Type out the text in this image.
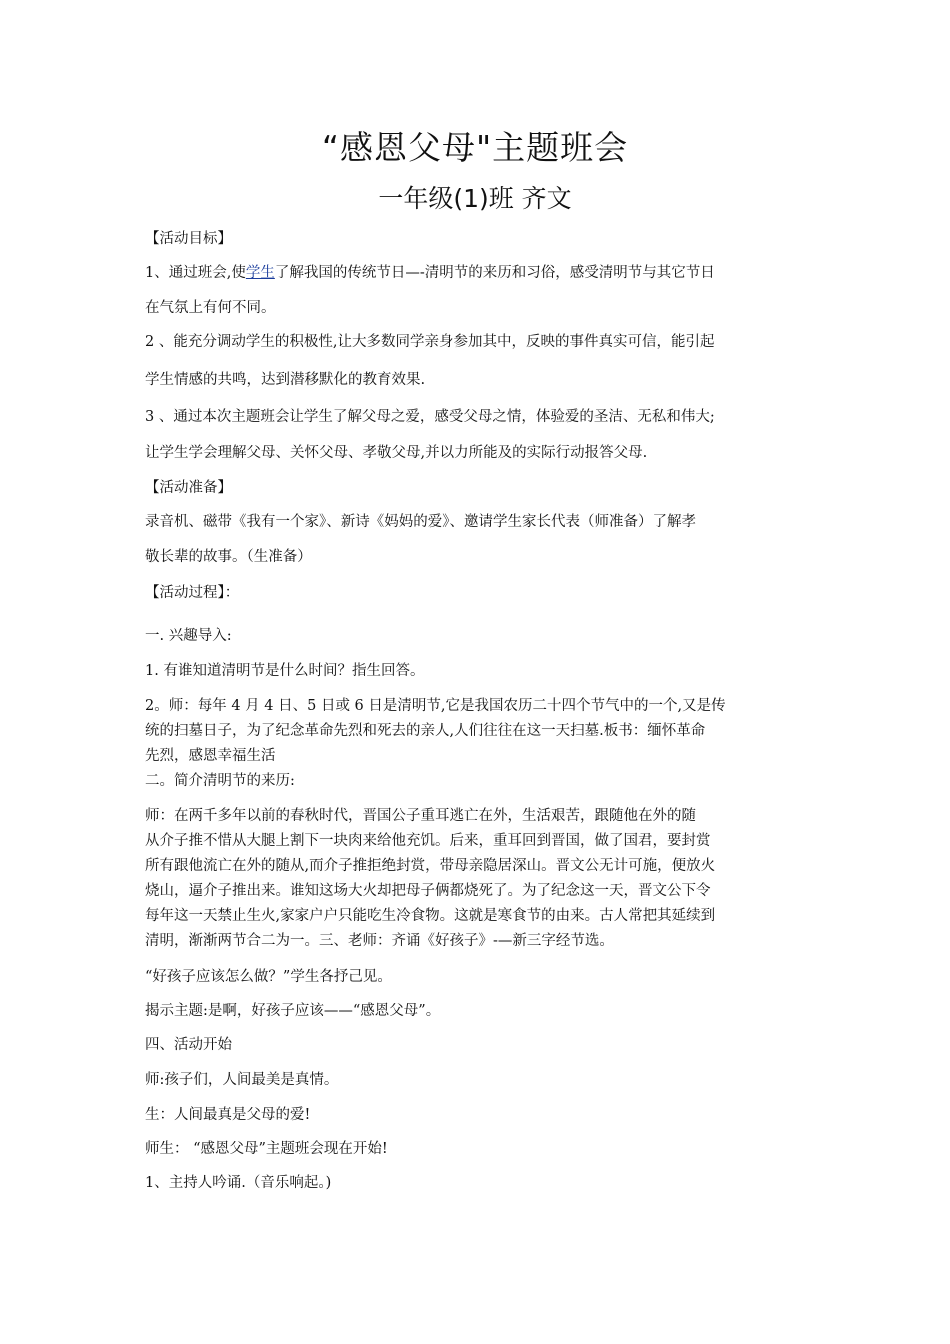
“感恩父母"主题班会
一年级(1)班 齐文
【活动目标】
1、通过班会,使学生了解我国的传统节日—-清明节的来历和习俗，感受清明节与其它节日
在气氛上有何不同。
2 、能充分调动学生的积极性,让大多数同学亲身参加其中，反映的事件真实可信，能引起
学生情感的共鸣，达到潜移默化的教育效果.
3 、通过本次主题班会让学生了解父母之爱，感受父母之情，体验爱的圣洁、无私和伟大;
让学生学会理解父母、关怀父母、孝敬父母,并以力所能及的实际行动报答父母.
【活动准备】
录音机、磁带《我有一个家》、新诗《妈妈的爱》、邀请学生家长代表（师准备）了解孝
敬长辈的故事。（生准备）
【活动过程】：
一. 兴趣导入:
1. 有谁知道清明节是什么时间？指生回答。
2。师：每年 4 月 4 日、5 日或 6 日是清明节,它是我国农历二十四个节气中的一个,又是传
统的扫墓日子，为了纪念革命先烈和死去的亲人,人们往往在这一天扫墓.板书：缅怀革命
先烈，感恩幸福生活
二。简介清明节的来历:
师：在两千多年以前的春秋时代，晋国公子重耳逃亡在外，生活艰苦，跟随他在外的随
从介子推不惜从大腿上割下一块肉来给他充饥。后来，重耳回到晋国，做了国君，要封赏
所有跟他流亡在外的随从,而介子推拒绝封赏，带母亲隐居深山。晋文公无计可施，便放火
烧山，逼介子推出来。谁知这场大火却把母子俩都烧死了。为了纪念这一天，晋文公下令
每年这一天禁止生火,家家户户只能吃生冷食物。这就是寒食节的由来。古人常把其延续到
清明，渐渐两节合二为一。三、老师：齐诵《好孩子》-—新三字经节选。
“好孩子应该怎么做？”学生各抒己见。
揭示主题:是啊，好孩子应该——“感恩父母”。
四、活动开始
师:孩子们，人间最美是真情。
生：人间最真是父母的爱!
师生： “感恩父母”主题班会现在开始!
1、主持人吟诵.（音乐响起。)
